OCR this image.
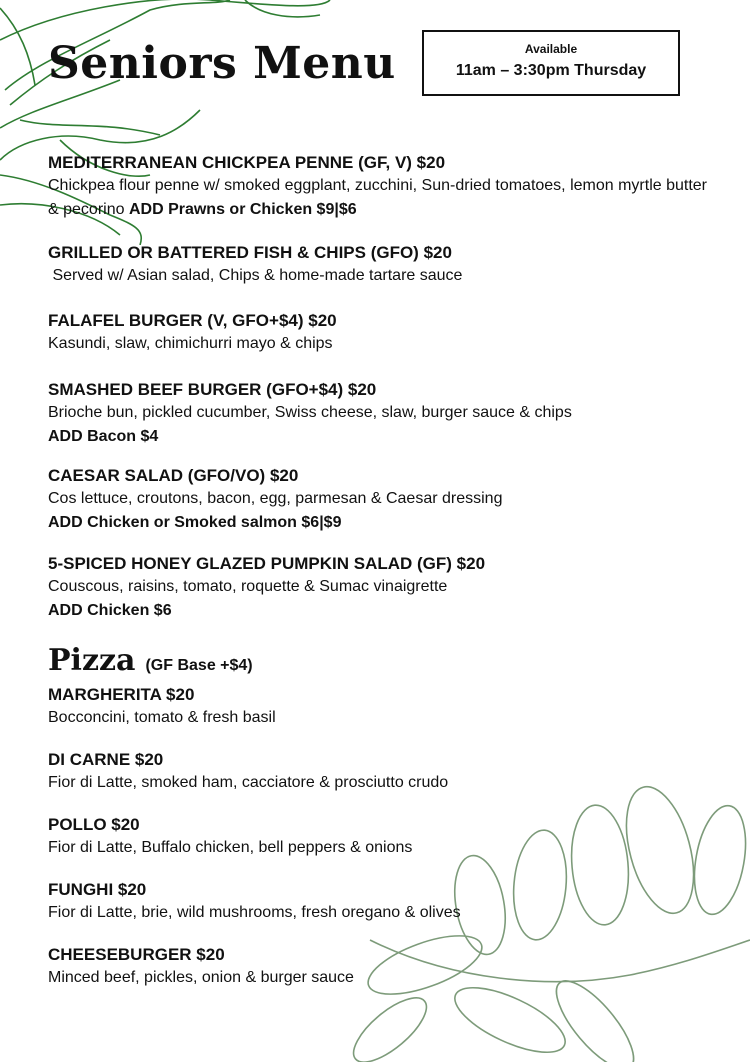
Seniors Menu	Available
11am – 3:30pm Thursday
MEDITERRANEAN CHICKPEA PENNE (GF, V) $20
Chickpea flour penne w/ smoked eggplant, zucchini, Sun-dried tomatoes, lemon myrtle butter & pecorino ADD Prawns or Chicken $9|$6
GRILLED OR BATTERED FISH & CHIPS (GFO) $20
Served w/ Asian salad, Chips & home-made tartare sauce
FALAFEL BURGER (V, GFO+$4) $20
Kasundi, slaw, chimichurri mayo & chips
SMASHED BEEF BURGER (GFO+$4) $20
Brioche bun, pickled cucumber, Swiss cheese, slaw, burger sauce & chips
ADD Bacon $4
CAESAR SALAD (GFO/VO) $20
Cos lettuce, croutons, bacon, egg, parmesan & Caesar dressing
ADD Chicken or Smoked salmon $6|$9
5-SPICED HONEY GLAZED PUMPKIN SALAD (GF) $20
Couscous, raisins, tomato, roquette & Sumac vinaigrette
ADD Chicken $6
Pizza (GF Base +$4)
MARGHERITA $20
Bocconcini, tomato & fresh basil
DI CARNE $20
Fior di Latte, smoked ham, cacciatore & prosciutto crudo
POLLO $20
Fior di Latte, Buffalo chicken, bell peppers & onions
FUNGHI $20
Fior di Latte, brie, wild mushrooms, fresh oregano & olives
CHEESEBURGER $20
Minced beef, pickles, onion & burger sauce
